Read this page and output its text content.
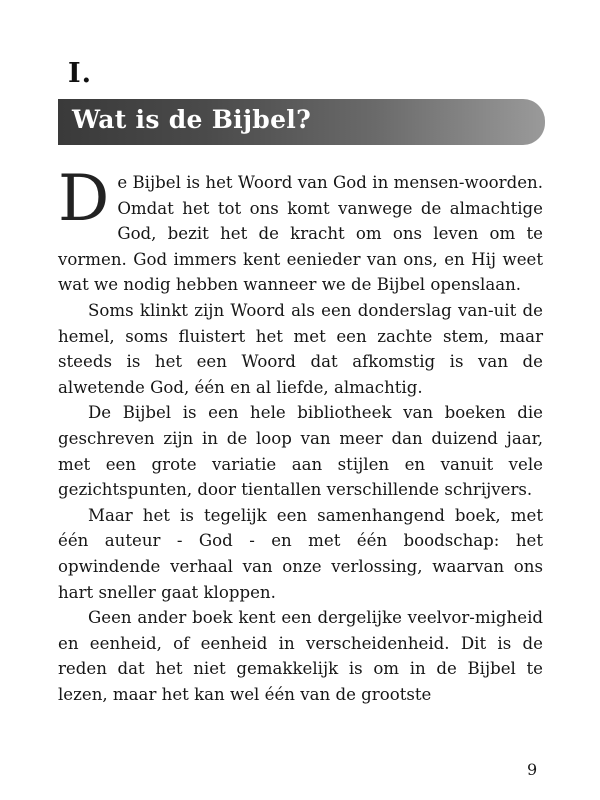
I.
Wat is de Bijbel?

De Bijbel is het Woord van God in mensen-woorden. Omdat het tot ons komt vanwege de almachtige God, bezit het de kracht om ons leven om te vormen. God immers kent eenieder van ons, en Hij weet wat we nodig hebben wanneer we de Bijbel openslaan.

Soms klinkt zijn Woord als een donderslag van-uit de hemel, soms fluistert het met een zachte stem, maar steeds is het een Woord dat afkomstig is van de alwetende God, één en al liefde, almachtig.

De Bijbel is een hele bibliotheek van boeken die geschreven zijn in de loop van meer dan duizend jaar, met een grote variatie aan stijlen en vanuit vele gezichtspunten, door tientallen verschillende schrijvers.

Maar het is tegelijk een samenhangend boek, met één auteur - God - en met één boodschap: het opwindende verhaal van onze verlossing, waarvan ons hart sneller gaat kloppen.

Geen ander boek kent een dergelijke veelvor-migheid en eenheid, of eenheid in verscheidenheid. Dit is de reden dat het niet gemakkelijk is om in de Bijbel te lezen, maar het kan wel één van de grootste

9
